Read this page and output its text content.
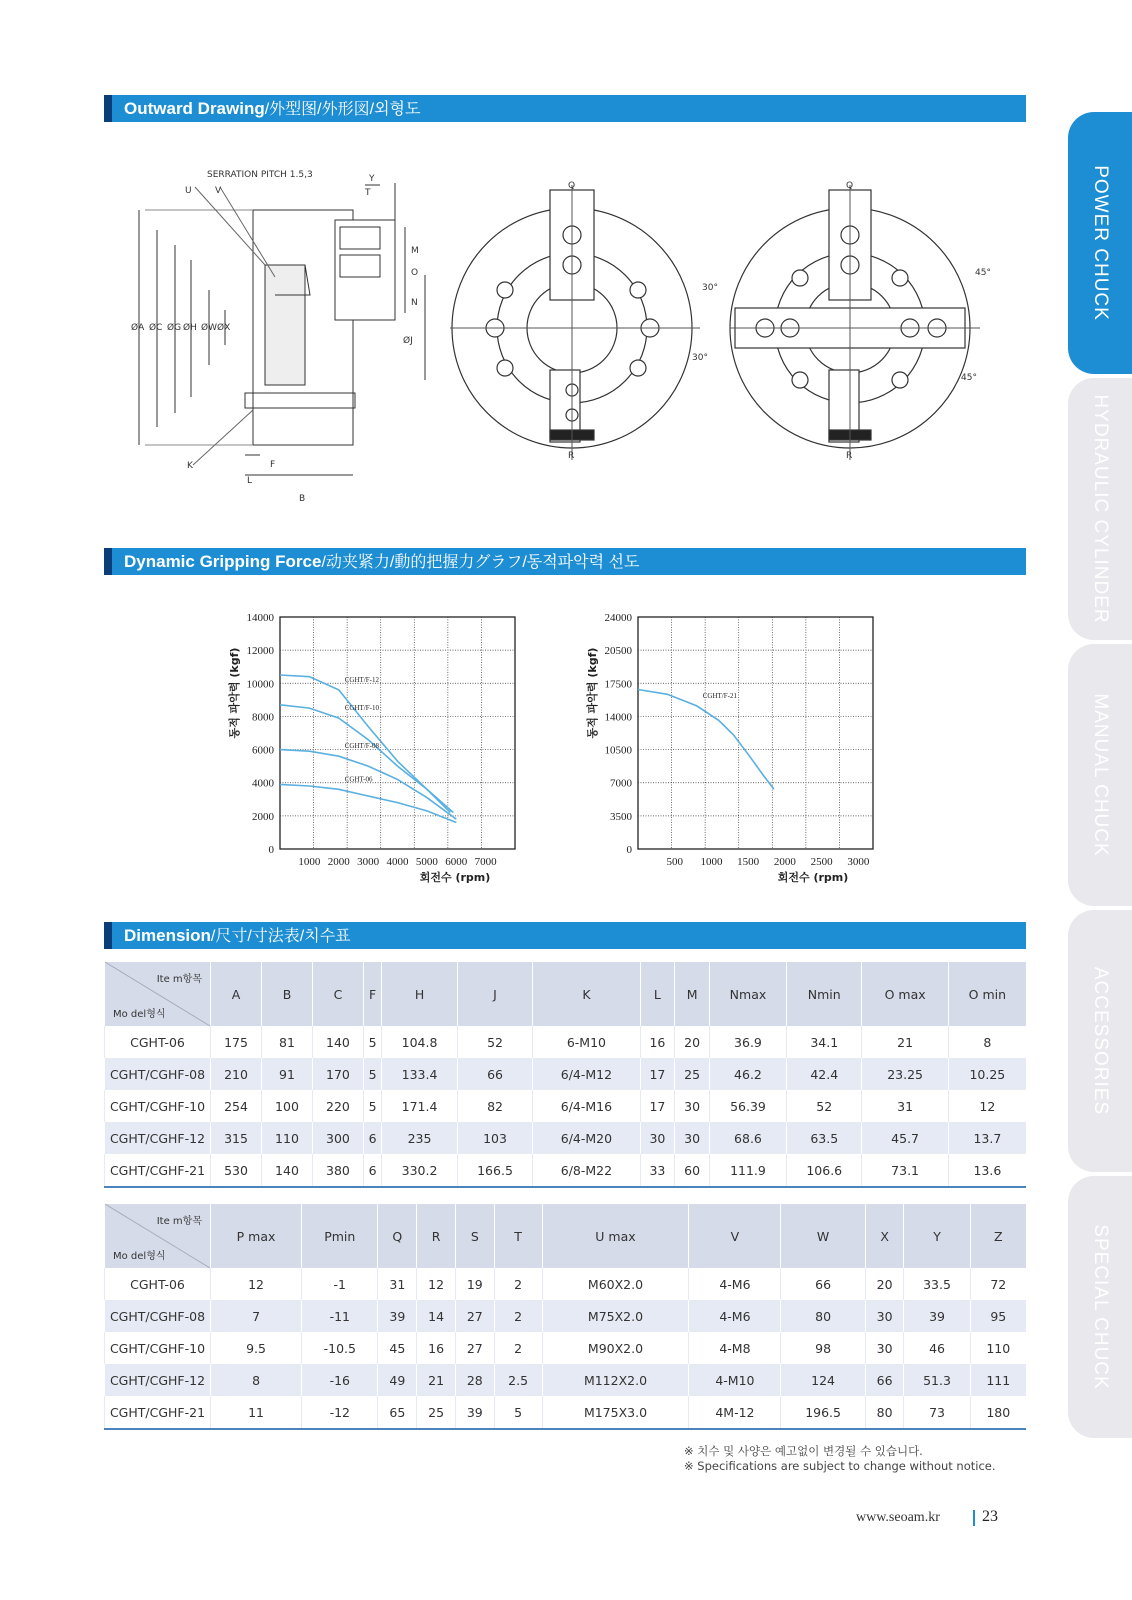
POWER CHUCK
HYDRAULIC CYLINDER
MANUAL CHUCK
ACCESSORIES
SPECIAL CHUCK
Outward Drawing/外型图/外形図/외형도
SERRATION PITCH 1.5,3	Y
T
U	V
M
O
N
ØA ØC ØG ØH ØW ØX
ØJ
K	F
L
B
Q
R
30°
30°
Q
R
45°
45°
Dynamic Gripping Force/动夹紧力/動的把握力グラフ/동적파악력 선도
0
2000
4000
6000
8000
10000
12000
14000
1000 2000 3000 4000 5000 6000 7000
회전수 (rpm)
동적 파악력 (kgf)	CGHT/F-12
CGHT/F-10
CGHT/F-08
CGHT-06
0
3500
7000
10500
14000
17500
20500
24000
500 1000 1500 2000 2500 3000
회전수 (rpm)
동적 파악력 (kgf)	CGHT/F-21
Dimension/尺寸/寸法表/치수표
Ite m항목
Mo del형식	A	B	C	F	H	J	K	L	M	Nmax	Nmin	O max	O min
CGHT-06	175	81	140	5	104.8	52	6-M10	16	20	36.9	34.1	21	8
CGHT/CGHF-08	210	91	170	5	133.4	66	6/4-M12	17	25	46.2	42.4	23.25	10.25
CGHT/CGHF-10	254	100	220	5	171.4	82	6/4-M16	17	30	56.39	52	31	12
CGHT/CGHF-12	315	110	300	6	235	103	6/4-M20	30	30	68.6	63.5	45.7	13.7
CGHT/CGHF-21	530	140	380	6	330.2	166.5	6/8-M22	33	60	111.9	106.6	73.1	13.6
Ite m항목
Mo del형식	P max	Pmin	Q	R	S	T	U max	V	W	X	Y	Z
CGHT-06	12	-1	31	12	19	2	M60X2.0	4-M6	66	20	33.5	72
CGHT/CGHF-08	7	-11	39	14	27	2	M75X2.0	4-M6	80	30	39	95
CGHT/CGHF-10	9.5	-10.5	45	16	27	2	M90X2.0	4-M8	98	30	46	110
CGHT/CGHF-12	8	-16	49	21	28	2.5	M112X2.0	4-M10	124	66	51.3	111
CGHT/CGHF-21	11	-12	65	25	39	5	M175X3.0	4M-12	196.5	80	73	180
※ 치수 및 사양은 예고없이 변경될 수 있습니다.
※ Specifications are subject to change without notice.
www.seoam.kr	23
